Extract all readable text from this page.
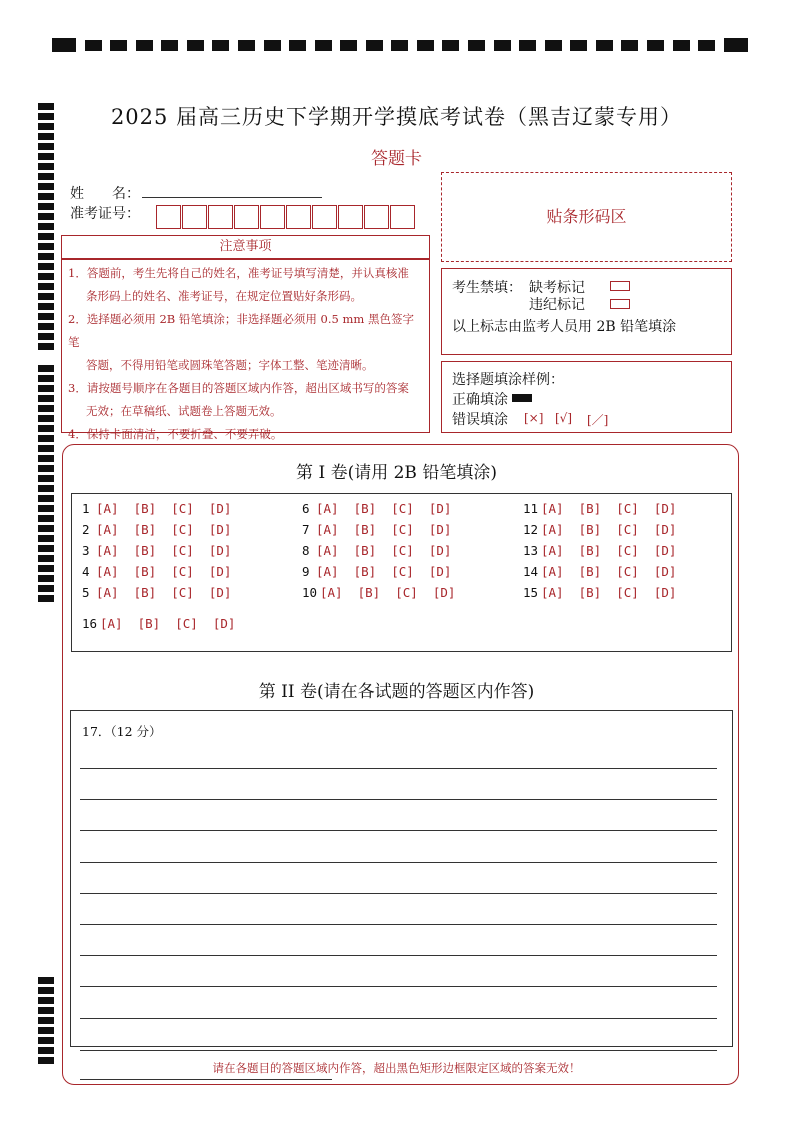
2025 届高三历史下学期开学摸底考试卷（黑吉辽蒙专用）
答题卡
姓　　名：
准考证号：	贴条形码区
注意事项

1．答题前，考生先将自己的姓名，准考证号填写清楚，并认真核准

条形码上的姓名、准考证号，在规定位置贴好条形码。

2．选择题必须用 2B 铅笔填涂；非选择题必须用 0.5 mm 黑色签字笔

答题，不得用铅笔或圆珠笔答题；字体工整、笔迹清晰。

3．请按题号顺序在各题目的答题区域内作答，超出区域书写的答案

无效；在草稿纸、试题卷上答题无效。

4．保持卡面清洁，不要折叠、不要弄破。

考生禁填： 缺考标记
违纪标记
以上标志由监考人员用 2B 铅笔填涂
选择题填涂样例：
正确填涂
错误填涂 [×] [√] [／]
第 I 卷(请用 2B 铅笔填涂)
1 [A]  [B]  [C]  [D]
2 [A]  [B]  [C]  [D]
3 [A]  [B]  [C]  [D]
4 [A]  [B]  [C]  [D]
5 [A]  [B]  [C]  [D]
6 [A]  [B]  [C]  [D]
7 [A]  [B]  [C]  [D]
8 [A]  [B]  [C]  [D]
9 [A]  [B]  [C]  [D]
10 [A]  [B]  [C]  [D]
11 [A]  [B]  [C]  [D]
12 [A]  [B]  [C]  [D]
13 [A]  [B]  [C]  [D]
14 [A]  [B]  [C]  [D]
15 [A]  [B]  [C]  [D]
16 [A]  [B]  [C]  [D]
第 II 卷(请在各试题的答题区内作答)
17．（12 分）
请在各题目的答题区域内作答，超出黑色矩形边框限定区域的答案无效！
